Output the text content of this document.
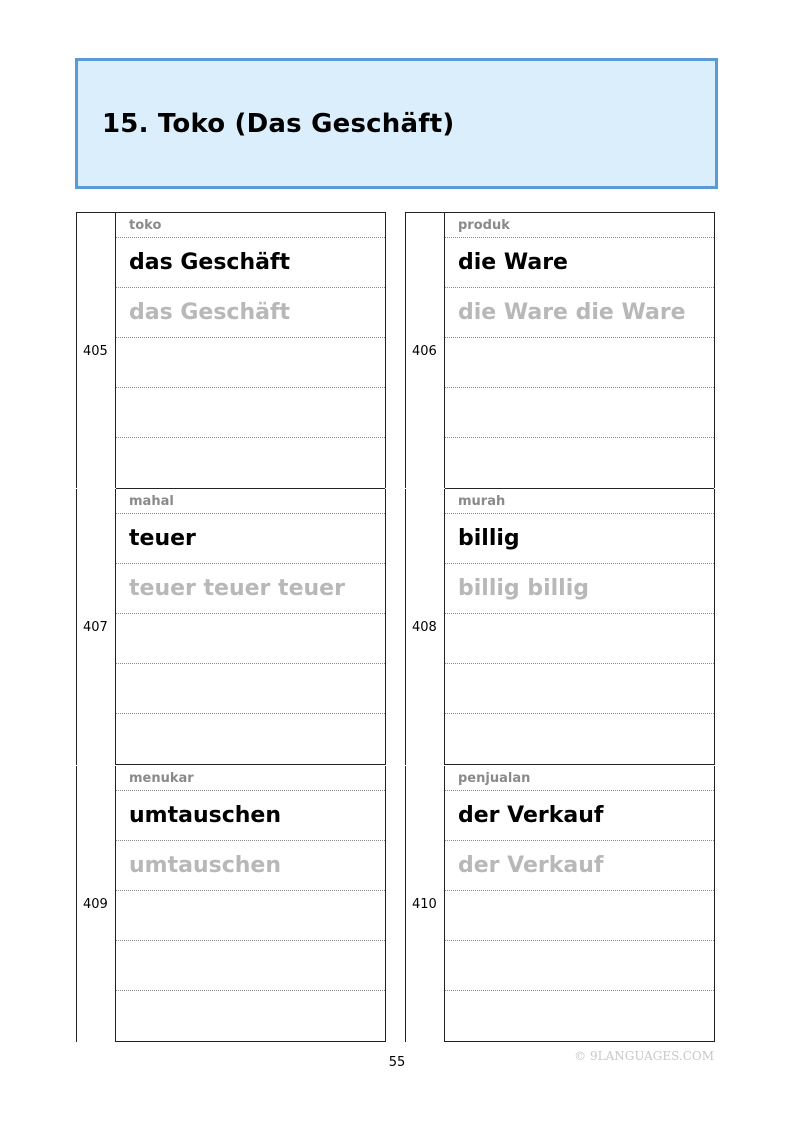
15. Toko (Das Geschäft)
405
toko
das Geschäft
das Geschäft
406
produk
die Ware
die Ware die Ware
407
mahal
teuer
teuer teuer teuer
408
murah
billig
billig billig
409
menukar
umtauschen
umtauschen
410
penjualan
der Verkauf
der Verkauf
© 9LANGUAGES.COM
55
